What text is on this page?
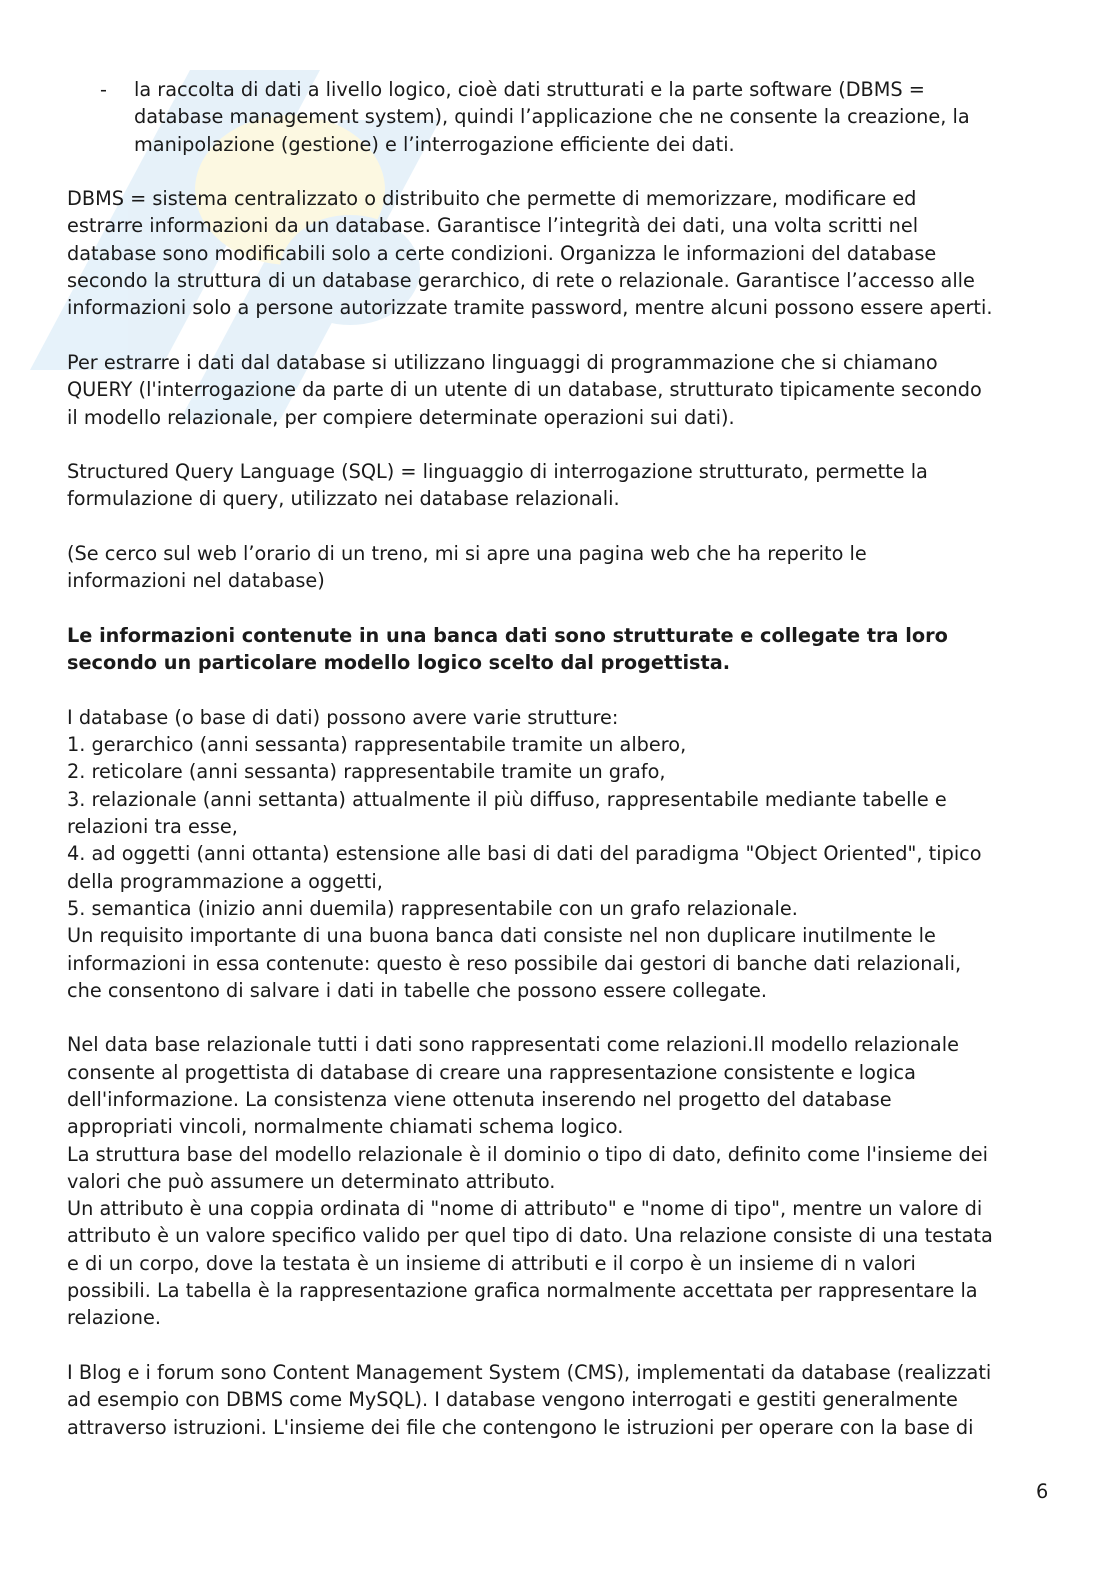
- la raccolta di dati a livello logico, cioè dati strutturati e la parte software (DBMS =
database management system), quindi l’applicazione che ne consente la creazione, la
manipolazione (gestione) e l’interrogazione efficiente dei dati.
DBMS = sistema centralizzato o distribuito che permette di memorizzare, modificare ed
estrarre informazioni da un database. Garantisce l’integrità dei dati, una volta scritti nel
database sono modificabili solo a certe condizioni. Organizza le informazioni del database
secondo la struttura di un database gerarchico, di rete o relazionale. Garantisce l’accesso alle
informazioni solo a persone autorizzate tramite password, mentre alcuni possono essere aperti.
Per estrarre i dati dal database si utilizzano linguaggi di programmazione che si chiamano
QUERY (l'interrogazione da parte di un utente di un database, strutturato tipicamente secondo
il modello relazionale, per compiere determinate operazioni sui dati).
Structured Query Language (SQL) = linguaggio di interrogazione strutturato, permette la
formulazione di query, utilizzato nei database relazionali.
(Se cerco sul web l’orario di un treno, mi si apre una pagina web che ha reperito le
informazioni nel database)
Le informazioni contenute in una banca dati sono strutturate e collegate tra loro
secondo un particolare modello logico scelto dal progettista.
I database (o base di dati) possono avere varie strutture:
1. gerarchico (anni sessanta) rappresentabile tramite un albero,
2. reticolare (anni sessanta) rappresentabile tramite un grafo,
3. relazionale (anni settanta) attualmente il più diffuso, rappresentabile mediante tabelle e
relazioni tra esse,
4. ad oggetti (anni ottanta) estensione alle basi di dati del paradigma "Object Oriented", tipico
della programmazione a oggetti,
5. semantica (inizio anni duemila) rappresentabile con un grafo relazionale.
Un requisito importante di una buona banca dati consiste nel non duplicare inutilmente le
informazioni in essa contenute: questo è reso possibile dai gestori di banche dati relazionali,
che consentono di salvare i dati in tabelle che possono essere collegate.
Nel data base relazionale tutti i dati sono rappresentati come relazioni.Il modello relazionale
consente al progettista di database di creare una rappresentazione consistente e logica
dell'informazione. La consistenza viene ottenuta inserendo nel progetto del database
appropriati vincoli, normalmente chiamati schema logico.
La struttura base del modello relazionale è il dominio o tipo di dato, definito come l'insieme dei
valori che può assumere un determinato attributo.
Un attributo è una coppia ordinata di "nome di attributo" e "nome di tipo", mentre un valore di
attributo è un valore specifico valido per quel tipo di dato. Una relazione consiste di una testata
e di un corpo, dove la testata è un insieme di attributi e il corpo è un insieme di n valori
possibili. La tabella è la rappresentazione grafica normalmente accettata per rappresentare la
relazione.
I Blog e i forum sono Content Management System (CMS), implementati da database (realizzati
ad esempio con DBMS come MySQL). I database vengono interrogati e gestiti generalmente
attraverso istruzioni. L'insieme dei file che contengono le istruzioni per operare con la base di
6
